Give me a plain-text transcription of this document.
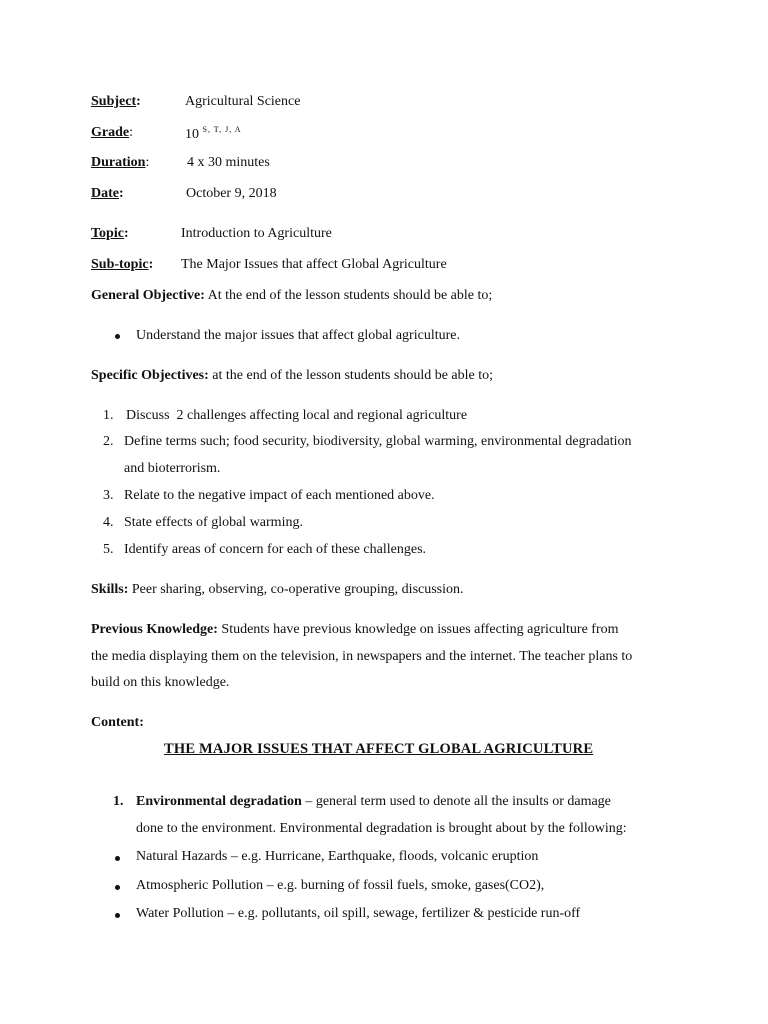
Subject:	Agricultural Science
Grade:	10 $^{S, T, J, A}$
Duration:	4 x 30 minutes
Date:	October 9, 2018
Topic:	Introduction to Agriculture
Sub-topic: The Major Issues that affect Global Agriculture
General Objective: At the end of the lesson students should be able to;
Understand the major issues that affect global agriculture.
Specific Objectives: at the end of the lesson students should be able to;
1. Discuss  2 challenges affecting local and regional agriculture
2. Define terms such; food security, biodiversity, global warming, environmental degradation
and bioterrorism.
3. Relate to the negative impact of each mentioned above.
4. State effects of global warming.
5. Identify areas of concern for each of these challenges.
Skills: Peer sharing, observing, co-operative grouping, discussion.
Previous Knowledge: Students have previous knowledge on issues affecting agriculture from
the media displaying them on the television, in newspapers and the internet. The teacher plans to
build on this knowledge.
Content:
THE MAJOR ISSUES THAT AFFECT GLOBAL AGRICULTURE
1. Environmental degradation – general term used to denote all the insults or damage
done to the environment. Environmental degradation is brought about by the following:
Natural Hazards – e.g. Hurricane, Earthquake, floods, volcanic eruption
Atmospheric Pollution – e.g. burning of fossil fuels, smoke, gases(CO2),
Water Pollution – e.g. pollutants, oil spill, sewage, fertilizer & pesticide run-off
